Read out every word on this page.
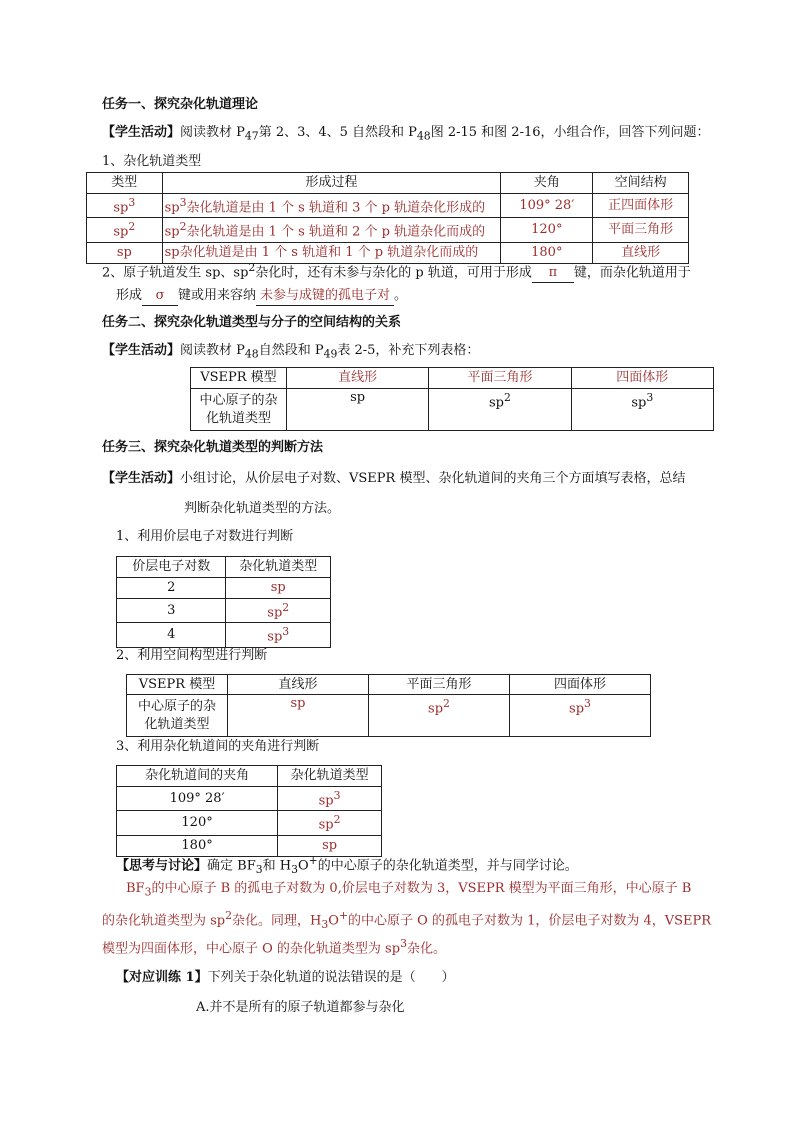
任务一、探究杂化轨道理论
【学生活动】阅读教材 $P_{47}$第 2、3、4、5 自然段和 $P_{48}$图 2-15 和图 2-16，小组合作，回答下列问题：
1、杂化轨道类型
类型	形成过程	夹角	空间结构
$sp^3$	$sp^3$杂化轨道是由 1 个 s 轨道和 3 个 p 轨道杂化形成的	109° 28′	正四面体形
$sp^2$	$sp^2$杂化轨道是由 1 个 s 轨道和 2 个 p 轨道杂化而成的	120°	平面三角形
sp	sp杂化轨道是由 1 个 s 轨道和 1 个 p 轨道杂化而成的	180°	直线形
2、原子轨道发生 sp、$sp^2$杂化时，还有未参与杂化的 p 轨道，可用于形成 π 键，而杂化轨道用于
形成 σ 键或用来容纳 未参与成键的孤电子对 。
任务二、探究杂化轨道类型与分子的空间结构的关系
【学生活动】阅读教材 $P_{48}$自然段和 $P_{49}$表 2-5，补充下列表格：
VSEPR 模型	直线形	平面三角形	四面体形
中心原子的杂
化轨道类型	sp	$sp^2$	$sp^3$
任务三、探究杂化轨道类型的判断方法
【学生活动】小组讨论，从价层电子对数、VSEPR 模型、杂化轨道间的夹角三个方面填写表格，总结
判断杂化轨道类型的方法。
1、利用价层电子对数进行判断
价层电子对数	杂化轨道类型
2	sp
3	$sp^2$
4	$sp^3$
2、利用空间构型进行判断
VSEPR 模型	直线形	平面三角形	四面体形
中心原子的杂
化轨道类型	sp	$sp^2$	$sp^3$
3、利用杂化轨道间的夹角进行判断
杂化轨道间的夹角	杂化轨道类型
109° 28′	$sp^3$
120°	$sp^2$
180°	sp
【思考与讨论】确定 $BF_3$和 $H_3O^+$的中心原子的杂化轨道类型，并与同学讨论。
$BF_3$的中心原子 B 的孤电子对数为 0,价层电子对数为 3，VSEPR 模型为平面三角形，中心原子 B
的杂化轨道类型为 $sp^2$杂化。同理，$H_3O^+$的中心原子 O 的孤电子对数为 1，价层电子对数为 4，VSEPR
模型为四面体形，中心原子 O 的杂化轨道类型为 $sp^3$杂化。
【对应训练 1】下列关于杂化轨道的说法错误的是（　　）
A.并不是所有的原子轨道都参与杂化
